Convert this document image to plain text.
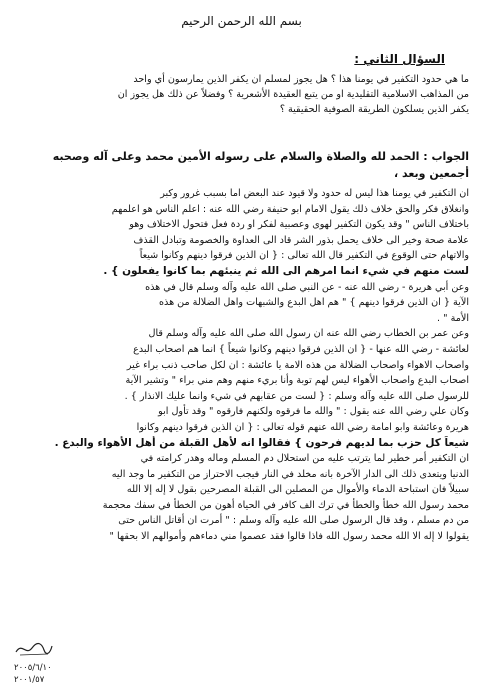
بسم الله الرحمن الرحيم
السؤال الثاني :

ما هي حدود التكفير في يومنا هذا ؟ هل يجوز لمسلم ان يكفر الذين يمارسون أي واحد

من المذاهب الاسلامية التقليدية او من يتبع العقيدة الأشعرية ؟ وفضلاً عن ذلك هل يجوز ان

يكفر الذين يسلكون الطريقة الصوفية الحقيقية ؟

الجواب : الحمد لله والصلاة والسلام على رسوله الأمين محمد وعلى آله وصحبه

أجمعين وبعد ،

ان التكفير في يومنا هذا ليس له حدود ولا قيود عند البعض اما بسبب غرور وكبر

وانغلاق فكر والحق خلاف ذلك يقول الامام ابو حنيفة رضي الله عنه : اعلم الناس هو اعلمهم

باختلاف الناس " وقد يكون التكفير لهوى وعصبية لفكر او ردة فعل فتحول الاختلاف وهو

علامة صحة وخير الى خلاف يحمل بذور الشر قاد الى العداوة والخصومة وتبادل القذف

والاتهام حتى الوقوع في التكفير قال الله تعالى : { ان الذين فرقوا دينهم وكانوا شيعاً

لست منهم في شيء انما امرهم الى الله ثم ينبئهم بما كانوا يفعلون } .

وعن أبي هريرة - رضي الله عنه - عن النبي صلى الله عليه وآله وسلم قال في هذه

الآية { ان الذين فرقوا دينهم } " هم اهل البدع والشبهات واهل الضلالة من هذه

الأمة " .

وعن عمر بن الخطاب رضي الله عنه ان رسول الله صلى الله عليه وآله وسلم قال

لعائشة - رضي الله عنها - { ان الذين فرقوا دينهم وكانوا شيعاً } انما هم اصحاب البدع

واصحاب الاهواء واصحاب الضلالة من هذه الامة يا عائشة : ان لكل صاحب ذنب براء غير

اصحاب البدع واصحاب الأهواء ليس لهم توبة وأنا بريء منهم وهم مني براء " وتشير الآية

للرسول صلى الله عليه وآله وسلم : { لست من عقابهم في شيء وانما عليك الانذار } .

وكان علي رضي الله عنه يقول : " والله ما فرقوه ولكنهم فارقوه " وقد تأول ابو

هريرة وعائشة وابو امامة رضي الله عنهم قوله تعالى : { ان الذين فرقوا دينهم وكانوا

شيعاً كل حزب بما لديهم فرحون } فقالوا انه لأهل القبلة من أهل الأهواء والبدع .

ان التكفير أمر خطير لما يترتب عليه من استحلال دم المسلم وماله وهدر كرامته في

الدنيا ويتعدى ذلك الى الدار الآخرة بانه مخلد في النار فيجب الاحتراز من التكفير ما وجد اليه

سبيلاً فان استباحة الدماء والأموال من المصلين الى القبلة المصرحين بقول لا إله إلا الله

محمد رسول الله خطأ والخطأ في ترك الف كافر في الحياة أهون من الخطأ في سفك محجمة

من دم مسلم ، وقد قال الرسول صلى الله عليه وآله وسلم : " أمرت ان أقاتل الناس حتى

يقولوا لا إله الا الله محمد رسول الله فاذا قالوا فقد عصموا مني دماءهم وأموالهم الا بحقها "

٢٠٠٥/٦/١٠
٢٠٠١/٥٧
